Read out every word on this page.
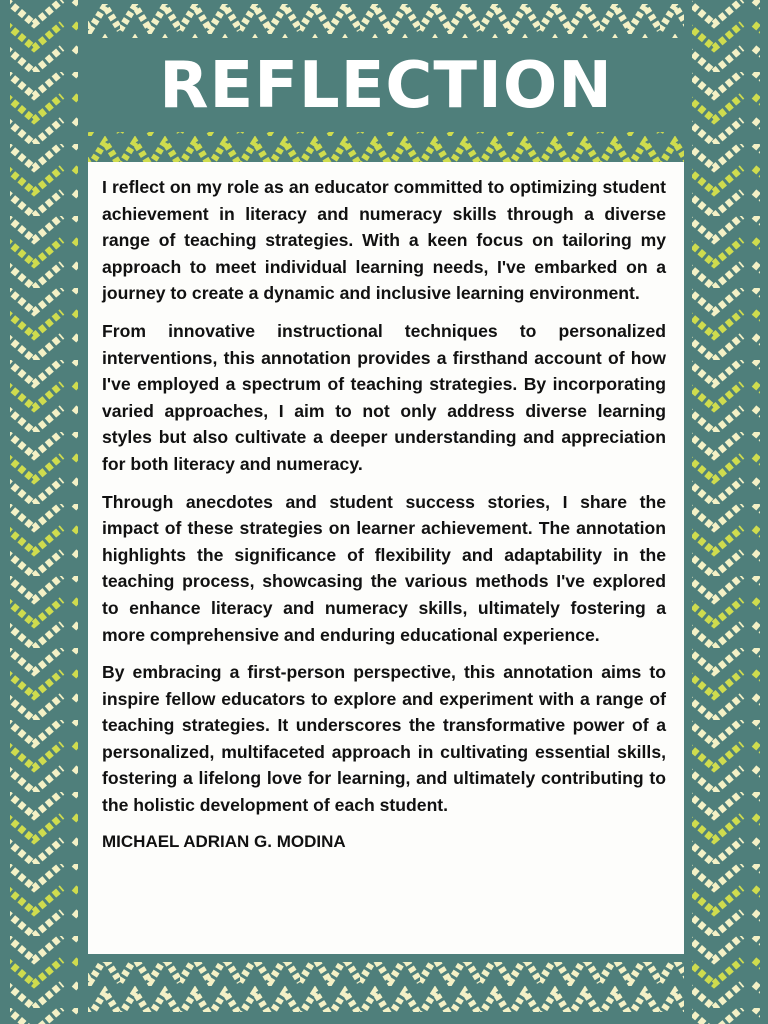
REFLECTION

I reflect on my role as an educator committed to optimizing student achievement in literacy and numeracy skills through a diverse range of teaching strategies. With a keen focus on tailoring my approach to meet individual learning needs, I've embarked on a journey to create a dynamic and inclusive learning environment.

From innovative instructional techniques to personalized interventions, this annotation provides a firsthand account of how I've employed a spectrum of teaching strategies. By incorporating varied approaches, I aim to not only address diverse learning styles but also cultivate a deeper understanding and appreciation for both literacy and numeracy.

Through anecdotes and student success stories, I share the impact of these strategies on learner achievement. The annotation highlights the significance of flexibility and adaptability in the teaching process, showcasing the various methods I've explored to enhance literacy and numeracy skills, ultimately fostering a more comprehensive and enduring educational experience.

By embracing a first-person perspective, this annotation aims to inspire fellow educators to explore and experiment with a range of teaching strategies. It underscores the transformative power of a personalized, multifaceted approach in cultivating essential skills, fostering a lifelong love for learning, and ultimately contributing to the holistic development of each student.

MICHAEL ADRIAN G. MODINA
